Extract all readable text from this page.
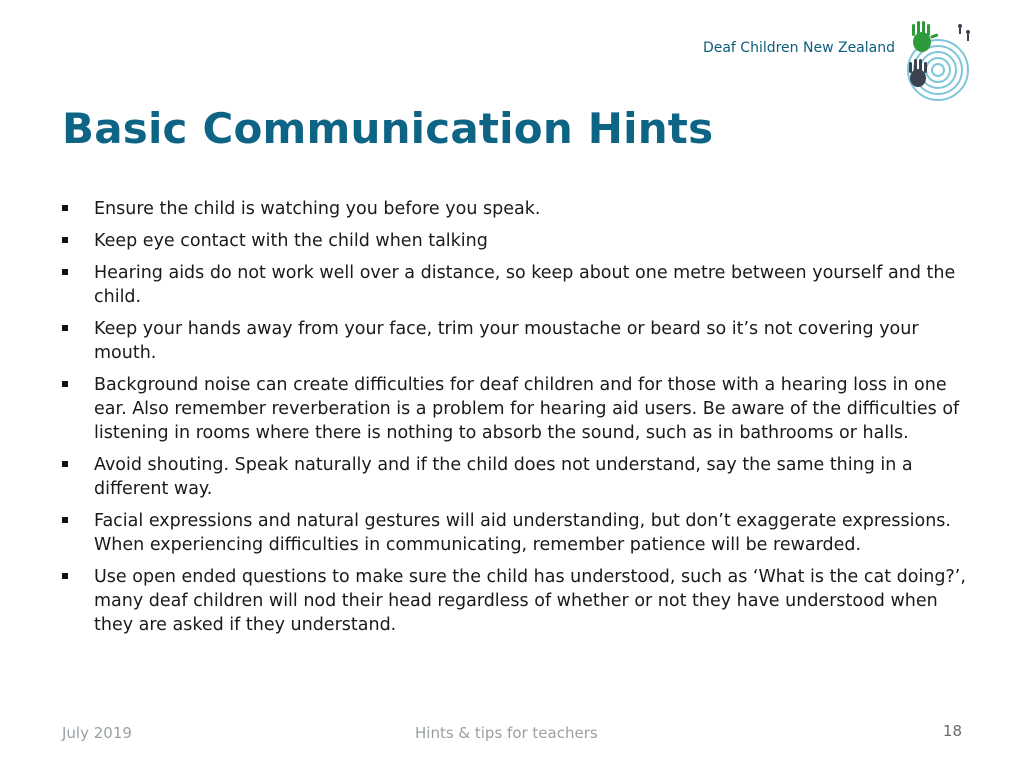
Deaf Children New Zealand
Basic Communication Hints
Ensure the child is watching you before you speak.
Keep eye contact with the child when talking
Hearing aids do not work well over a distance, so keep about one metre between yourself and the child.
Keep your hands away from your face, trim your moustache or beard so it’s not covering your mouth.
Background noise can create difficulties for deaf children and for those with a hearing loss in one ear. Also remember reverberation is a problem for hearing aid users. Be aware of the difficulties of listening in rooms where there is nothing to absorb the sound, such as in bathrooms or halls.
Avoid shouting. Speak naturally and if the child does not understand, say the same thing in a different way.
Facial expressions and natural gestures will aid understanding, but don’t exaggerate expressions. When experiencing difficulties in communicating, remember patience will be rewarded.
Use open ended questions to make sure the child has understood, such as ‘What is the cat doing?’, many deaf children will nod their head regardless of whether or not they have understood when they are asked if they understand.
July 2019	Hints & tips for teachers	18
